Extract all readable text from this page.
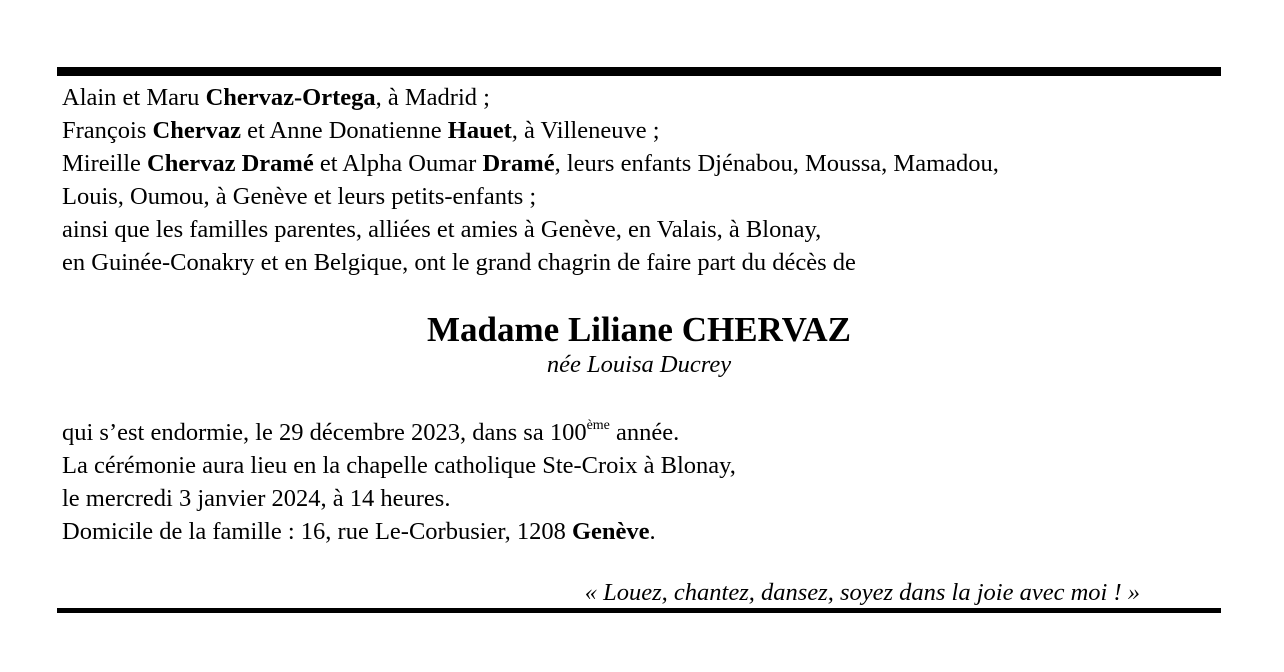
Alain et Maru Chervaz-Ortega, à Madrid ;
François Chervaz et Anne Donatienne Hauet, à Villeneuve ;
Mireille Chervaz Dramé et Alpha Oumar Dramé, leurs enfants Djénabou, Moussa, Mamadou,
Louis, Oumou, à Genève et leurs petits-enfants ;
ainsi que les familles parentes, alliées et amies à Genève, en Valais, à Blonay,
en Guinée-Conakry et en Belgique, ont le grand chagrin de faire part du décès de
Madame Liliane CHERVAZ
née Louisa Ducrey
qui s’est endormie, le 29 décembre 2023, dans sa 100ème année.
La cérémonie aura lieu en la chapelle catholique Ste-Croix à Blonay,
le mercredi 3 janvier 2024, à 14 heures.
Domicile de la famille : 16, rue Le-Corbusier, 1208 Genève.
« Louez, chantez, dansez, soyez dans la joie avec moi ! »
